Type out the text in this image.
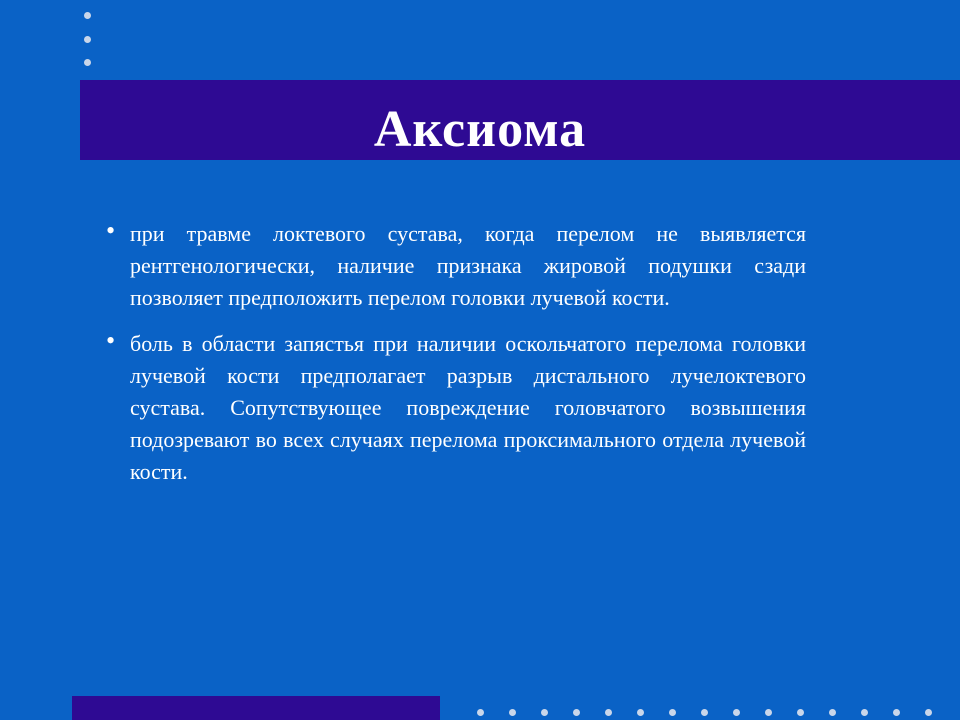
Аксиома
• при травме локтевого сустава, когда перелом не выявляется рентгенологически, наличие признака жировой подушки сзади позволяет предположить перелом головки лучевой кости.
• боль в области запястья при наличии оскольчатого перелома головки лучевой кости предполагает разрыв дистального лучелоктевого сустава. Сопутствующее повреждение головчатого возвышения подозревают во всех случаях перелома проксимального отдела лучевой кости.
